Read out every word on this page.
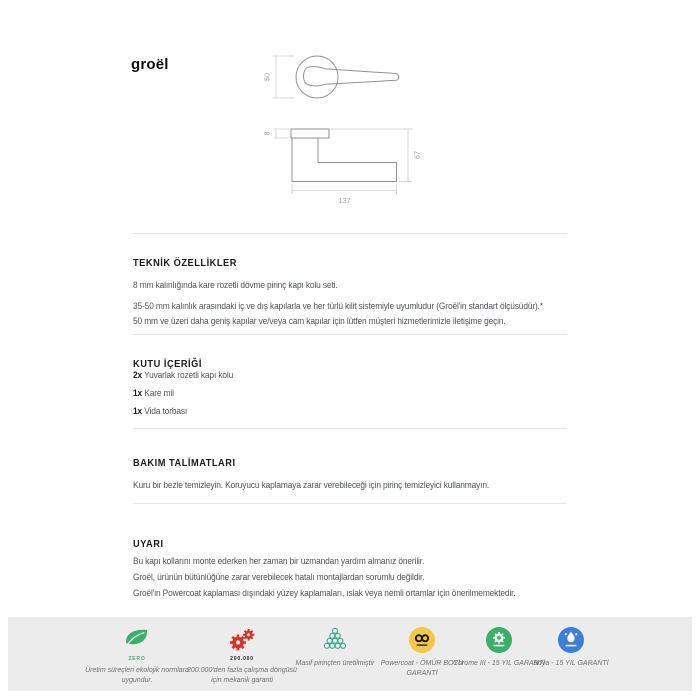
groël
50
8
67
137
TEKNİK ÖZELLİKLER

8 mm kalınlığında kare rozetli dövme pirinç kapı kolu seti.

35-50 mm kalınlık arasındaki iç ve dış kapılarla ve her türlü kilit sistemiyle uyumludur (Groël'in standart ölçüsüdür).*

50 mm ve üzeri daha geniş kapılar ve/veya cam kapılar için lütfen müşteri hizmetlerimizle iletişime geçin.

KUTU İÇERİĞİ
2x Yuvarlak rozetli kapı kolu
1x Kare mil
1x Vida torbası
BAKIM TALİMATLARI

Kuru bir bezle temizleyin. Koruyucu kaplamaya zarar verebileceği için pirinç temizleyici kullanmayın.

UYARI

Bu kapı kollarını monte ederken her zaman bir uzmandan yardım almanız önerilir.

Groël, ürünün bütünlüğüne zarar verebilecek hatalı montajlardan sorumlu değildir.

Groël'in Powercoat kaplaması dışındaki yüzey kaplamaları, ıslak veya nemli ortamlar için önerilmemektedir.

ZERO
Üretim süreçleri ekolojik normlara uygundur.
200.000
200.000'den fazla çalışma döngüsü için mekanik garanti
Masif pirinçten üretilmiştir Powercoat - ÖMÜR BOYU GARANTİ
Chrome III - 15 YIL GARANTİ
Boya - 15 YIL GARANTİ
